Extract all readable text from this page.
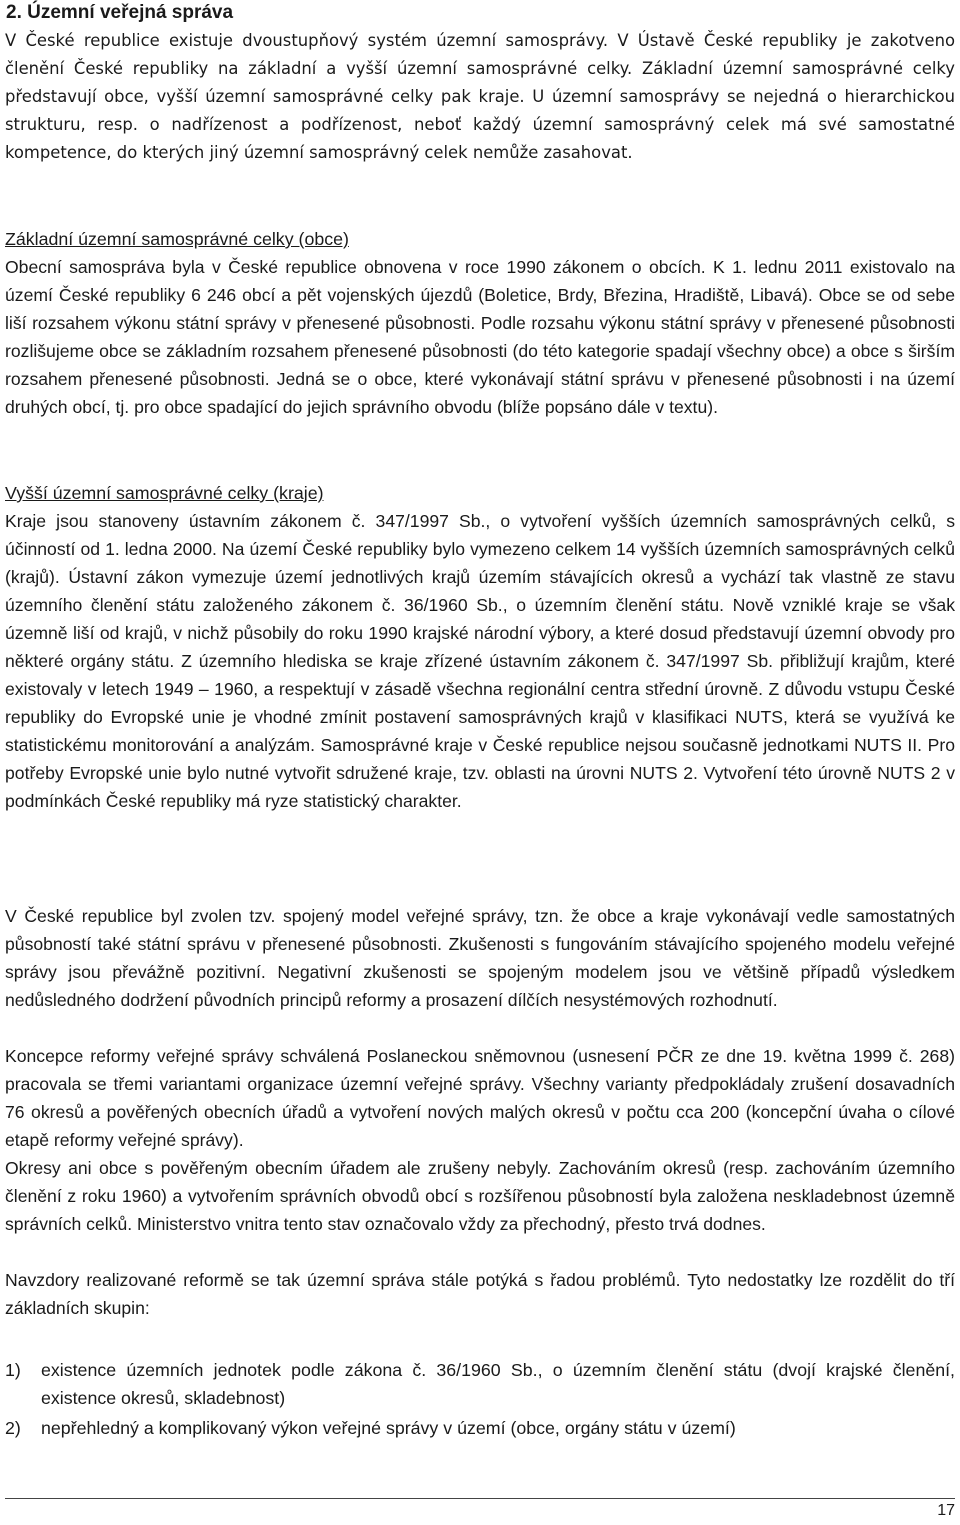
2. Územní veřejná správa

V České republice existuje dvoustupňový systém územní samosprávy. V Ústavě České republiky je zakotveno členění České republiky na základní a vyšší územní samosprávné celky. Základní územní samosprávné celky představují obce, vyšší územní samosprávné celky pak kraje. U územní samosprávy se nejedná o hierarchickou strukturu, resp. o nadřízenost a podřízenost, neboť každý územní samosprávný celek má své samostatné kompetence, do kterých jiný územní samosprávný celek nemůže zasahovat.

Základní územní samosprávné celky (obce)

Obecní samospráva byla v České republice obnovena v roce 1990 zákonem o obcích. K 1. lednu 2011 existovalo na území České republiky 6 246 obcí a pět vojenských újezdů (Boletice, Brdy, Březina, Hradiště, Libavá). Obce se od sebe liší rozsahem výkonu státní správy v přenesené působnosti. Podle rozsahu výkonu státní správy v přenesené působnosti rozlišujeme obce se základním rozsahem přenesené působnosti (do této kategorie spadají všechny obce) a obce s širším rozsahem přenesené působnosti. Jedná se o obce, které vykonávají státní správu v přenesené působnosti i na území druhých obcí, tj. pro obce spadající do jejich správního obvodu (blíže popsáno dále v textu).

Vyšší územní samosprávné celky (kraje)

Kraje jsou stanoveny ústavním zákonem č. 347/1997 Sb., o vytvoření vyšších územních samosprávných celků, s účinností od 1. ledna 2000. Na území České republiky bylo vymezeno celkem 14 vyšších územních samosprávných celků (krajů). Ústavní zákon vymezuje území jednotlivých krajů územím stávajících okresů a vychází tak vlastně ze stavu územního členění státu založeného zákonem č. 36/1960 Sb., o územním členění státu. Nově vzniklé kraje se však územně liší od krajů, v nichž působily do roku 1990 krajské národní výbory, a které dosud představují územní obvody pro některé orgány státu. Z územního hlediska se kraje zřízené ústavním zákonem č. 347/1997 Sb. přibližují krajům, které existovaly v letech 1949 – 1960, a respektují v zásadě všechna regionální centra střední úrovně. Z důvodu vstupu České republiky do Evropské unie je vhodné zmínit postavení samosprávných krajů v klasifikaci NUTS, která se využívá ke statistickému monitorování a analýzám. Samosprávné kraje v České republice nejsou současně jednotkami NUTS II. Pro potřeby Evropské unie bylo nutné vytvořit sdružené kraje, tzv. oblasti na úrovni NUTS 2. Vytvoření této úrovně NUTS 2 v podmínkách České republiky má ryze statistický charakter.

V České republice byl zvolen tzv. spojený model veřejné správy, tzn. že obce a kraje vykonávají vedle samostatných působností také státní správu v přenesené působnosti. Zkušenosti s fungováním stávajícího spojeného modelu veřejné správy jsou převážně pozitivní. Negativní zkušenosti se spojeným modelem jsou ve většině případů výsledkem nedůsledného dodržení původních principů reformy a prosazení dílčích nesystémových rozhodnutí.

Koncepce reformy veřejné správy schválená Poslaneckou sněmovnou (usnesení PČR ze dne 19. května 1999 č. 268) pracovala se třemi variantami organizace územní veřejné správy. Všechny varianty předpokládaly zrušení dosavadních 76 okresů a pověřených obecních úřadů a vytvoření nových malých okresů v počtu cca 200 (koncepční úvaha o cílové etapě reformy veřejné správy).

Okresy ani obce s pověřeným obecním úřadem ale zrušeny nebyly. Zachováním okresů (resp. zachováním územního členění z roku 1960) a vytvořením správních obvodů obcí s rozšířenou působností byla založena neskladebnost územně správních celků. Ministerstvo vnitra tento stav označovalo vždy za přechodný, přesto trvá dodnes.

Navzdory realizované reformě se tak územní správa stále potýká s řadou problémů. Tyto nedostatky lze rozdělit do tří základních skupin:

1)	existence územních jednotek podle zákona č. 36/1960 Sb., o územním členění státu (dvojí krajské členění, existence okresů, skladebnost)
2)	nepřehledný a komplikovaný výkon veřejné správy v území (obce, orgány státu v území)
17
